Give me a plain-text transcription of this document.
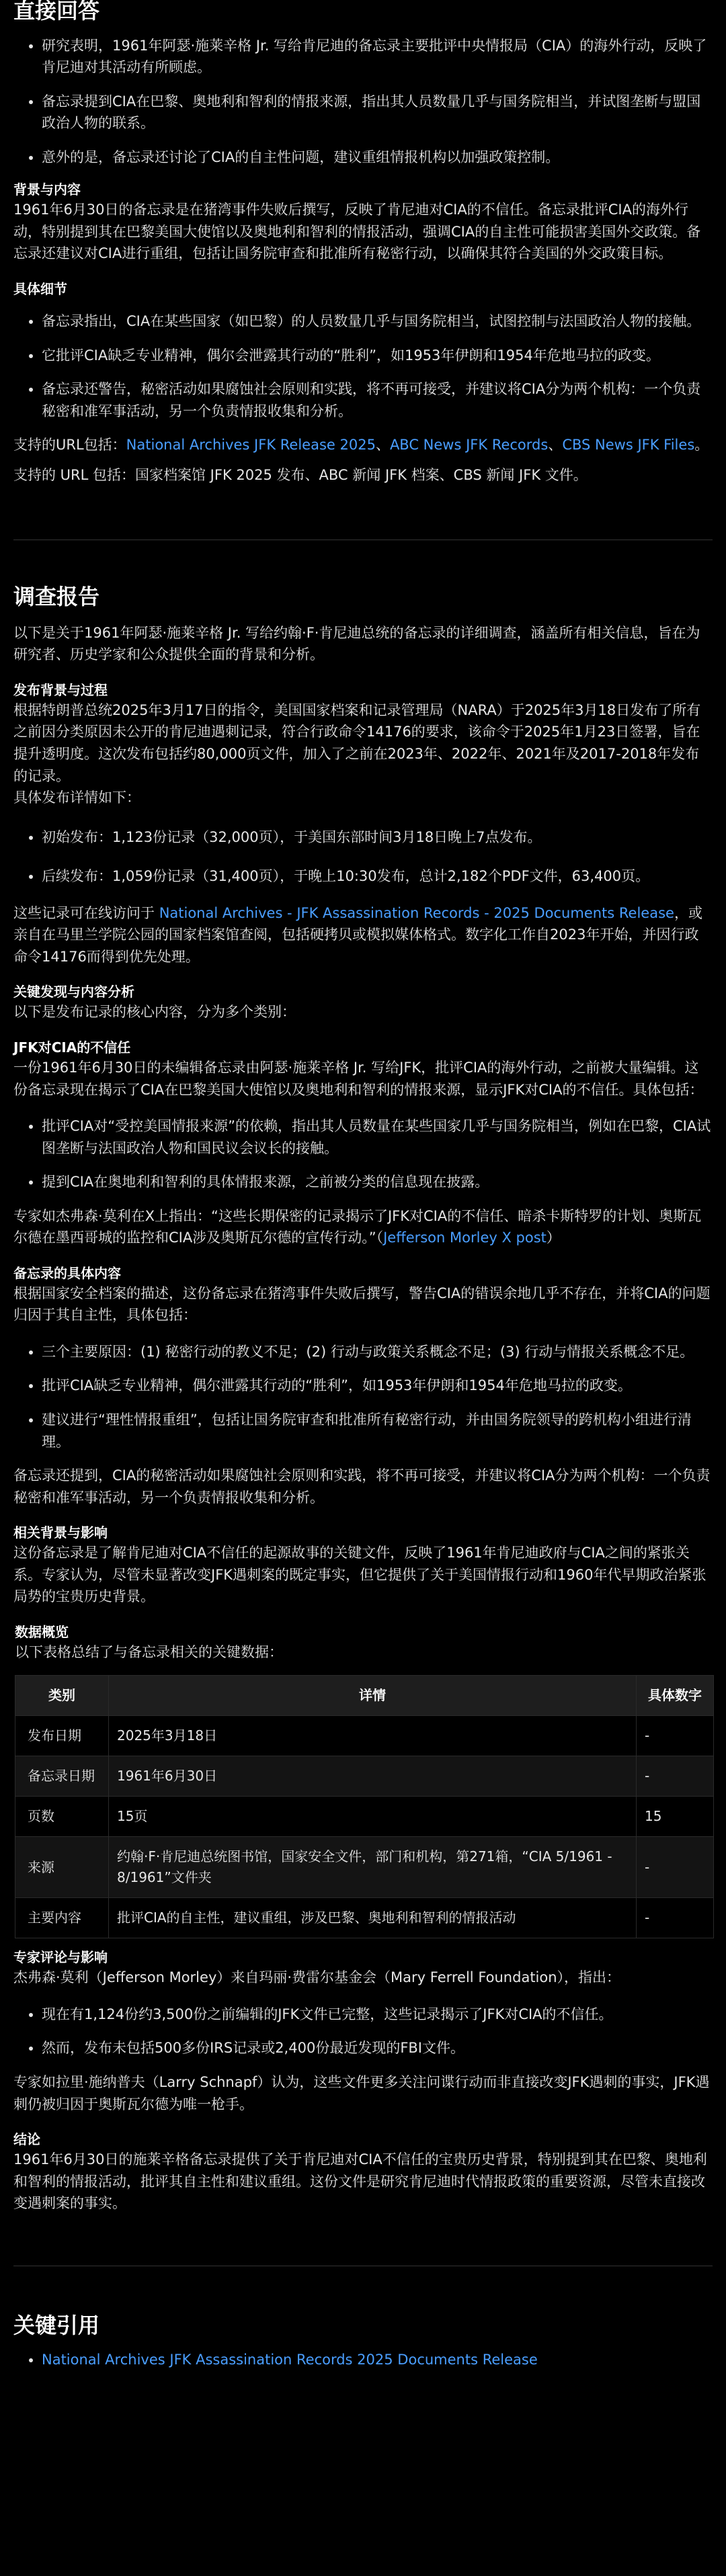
直接回答
• 研究表明，1961年阿瑟·施莱辛格 Jr. 写给肯尼迪的备忘录主要批评中央情报局（CIA）的海外行动，反映了肯尼迪对其活动有所顾虑。
• 备忘录提到CIA在巴黎、奥地利和智利的情报来源，指出其人员数量几乎与国务院相当，并试图垄断与盟国政治人物的联系。
• 意外的是，备忘录还讨论了CIA的自主性问题，建议重组情报机构以加强政策控制。
背景与内容

1961年6月30日的备忘录是在猪湾事件失败后撰写，反映了肯尼迪对CIA的不信任。备忘录批评CIA的海外行动，特别提到其在巴黎美国大使馆以及奥地利和智利的情报活动，强调CIA的自主性可能损害美国外交政策。备忘录还建议对CIA进行重组，包括让国务院审查和批准所有秘密行动，以确保其符合美国的外交政策目标。

具体细节
• 备忘录指出，CIA在某些国家（如巴黎）的人员数量几乎与国务院相当，试图控制与法国政治人物的接触。
• 它批评CIA缺乏专业精神，偶尔会泄露其行动的“胜利”，如1953年伊朗和1954年危地马拉的政变。
• 备忘录还警告，秘密活动如果腐蚀社会原则和实践，将不再可接受，并建议将CIA分为两个机构：一个负责秘密和准军事活动，另一个负责情报收集和分析。

支持的URL包括：National Archives JFK Release 2025、ABC News JFK Records、CBS News JFK Files。

支持的 URL 包括：国家档案馆 JFK 2025 发布、ABC 新闻 JFK 档案、CBS 新闻 JFK 文件。

调查报告

以下是关于1961年阿瑟·施莱辛格 Jr. 写给约翰·F·肯尼迪总统的备忘录的详细调查，涵盖所有相关信息，旨在为研究者、历史学家和公众提供全面的背景和分析。

发布背景与过程

根据特朗普总统2025年3月17日的指令，美国国家档案和记录管理局（NARA）于2025年3月18日发布了所有之前因分类原因未公开的肯尼迪遇刺记录，符合行政命令14176的要求，该命令于2025年1月23日签署，旨在提升透明度。这次发布包括约80,000页文件，加入了之前在2023年、2022年、2021年及2017-2018年发布的记录。

具体发布详情如下：

• 初始发布：1,123份记录（32,000页），于美国东部时间3月18日晚上7点发布。
• 后续发布：1,059份记录（31,400页），于晚上10:30发布，总计2,182个PDF文件，63,400页。

这些记录可在线访问于 National Archives - JFK Assassination Records - 2025 Documents Release，或亲自在马里兰学院公园的国家档案馆查阅，包括硬拷贝或模拟媒体格式。数字化工作自2023年开始，并因行政命令14176而得到优先处理。

关键发现与内容分析

以下是发布记录的核心内容，分为多个类别：

JFK对CIA的不信任

一份1961年6月30日的未编辑备忘录由阿瑟·施莱辛格 Jr. 写给JFK，批评CIA的海外行动，之前被大量编辑。这份备忘录现在揭示了CIA在巴黎美国大使馆以及奥地利和智利的情报来源，显示JFK对CIA的不信任。具体包括：

• 批评CIA对“受控美国情报来源”的依赖，指出其人员数量在某些国家几乎与国务院相当，例如在巴黎，CIA试图垄断与法国政治人物和国民议会议长的接触。
• 提到CIA在奥地利和智利的具体情报来源，之前被分类的信息现在披露。

专家如杰弗森·莫利在X上指出：“这些长期保密的记录揭示了JFK对CIA的不信任、暗杀卡斯特罗的计划、奥斯瓦尔德在墨西哥城的监控和CIA涉及奥斯瓦尔德的宣传行动。”（Jefferson Morley X post）

备忘录的具体内容

根据国家安全档案的描述，这份备忘录在猪湾事件失败后撰写，警告CIA的错误余地几乎不存在，并将CIA的问题归因于其自主性，具体包括：

• 三个主要原因：(1) 秘密行动的教义不足；(2) 行动与政策关系概念不足；(3) 行动与情报关系概念不足。
• 批评CIA缺乏专业精神，偶尔泄露其行动的“胜利”，如1953年伊朗和1954年危地马拉的政变。
• 建议进行“理性情报重组”，包括让国务院审查和批准所有秘密行动，并由国务院领导的跨机构小组进行清理。

备忘录还提到，CIA的秘密活动如果腐蚀社会原则和实践，将不再可接受，并建议将CIA分为两个机构：一个负责秘密和准军事活动，另一个负责情报收集和分析。

相关背景与影响

这份备忘录是了解肯尼迪对CIA不信任的起源故事的关键文件，反映了1961年肯尼迪政府与CIA之间的紧张关系。专家认为，尽管未显著改变JFK遇刺案的既定事实，但它提供了关于美国情报行动和1960年代早期政治紧张局势的宝贵历史背景。

数据概览

以下表格总结了与备忘录相关的关键数据：

类别	详情	具体数字
发布日期	2025年3月18日	-
备忘录日期	1961年6月30日	-
页数	15页	15
来源	约翰·F·肯尼迪总统图书馆，国家安全文件，部门和机构，第271箱，“CIA 5/1961 - 8/1961”文件夹	-
主要内容	批评CIA的自主性，建议重组，涉及巴黎、奥地利和智利的情报活动	-
专家评论与影响

杰弗森·莫利（Jefferson Morley）来自玛丽·费雷尔基金会（Mary Ferrell Foundation），指出：

• 现在有1,124份约3,500份之前编辑的JFK文件已完整，这些记录揭示了JFK对CIA的不信任。
• 然而，发布未包括500多份IRS记录或2,400份最近发现的FBI文件。

专家如拉里·施纳普夫（Larry Schnapf）认为，这些文件更多关注问谍行动而非直接改变JFK遇刺的事实，JFK遇刺仍被归因于奥斯瓦尔德为唯一枪手。

结论

1961年6月30日的施莱辛格备忘录提供了关于肯尼迪对CIA不信任的宝贵历史背景，特别提到其在巴黎、奥地利和智利的情报活动，批评其自主性和建议重组。这份文件是研究肯尼迪时代情报政策的重要资源，尽管未直接改变遇刺案的事实。

关键引用
• National Archives JFK Assassination Records 2025 Documents Release
